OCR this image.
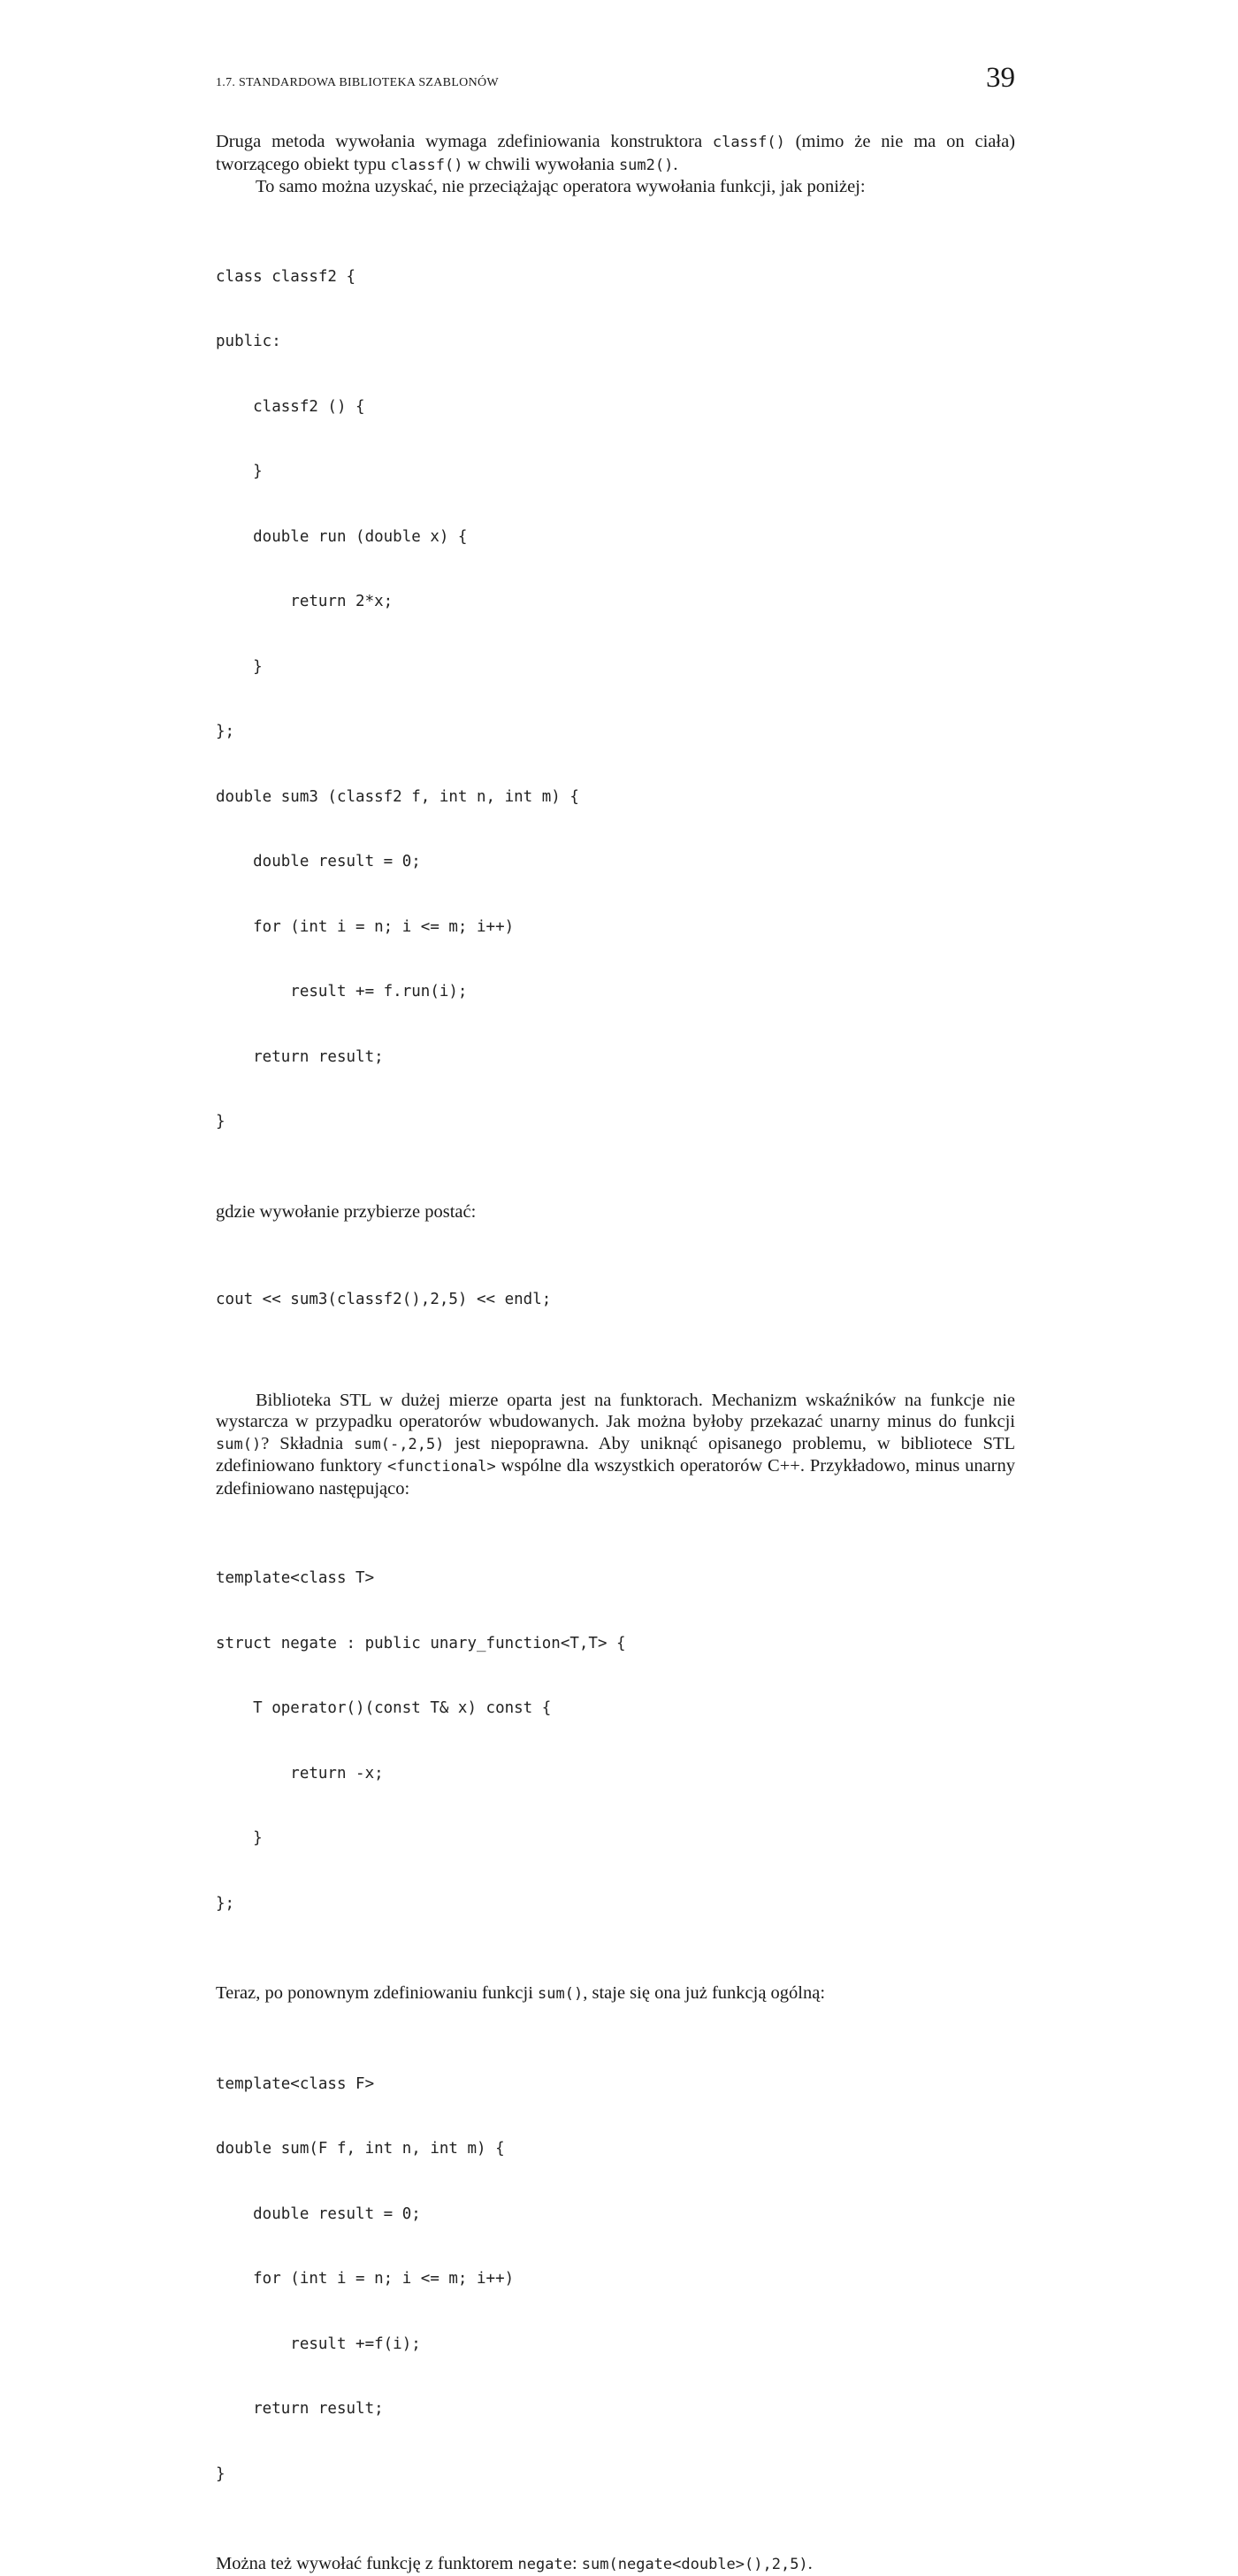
1.7. STANDARDOWA BIBLIOTEKA SZABLONÓW	39

Druga metoda wywołania wymaga zdefiniowania konstruktora classf() (mimo że nie ma on ciała) tworzącego obiekt typu classf() w chwili wywołania sum2().

To samo można uzyskać, nie przeciążając operatora wywołania funkcji, jak poniżej:

class classf2 {

public:

classf2 () {

}

double run (double x) {

return 2*x;

}

};

double sum3 (classf2 f, int n, int m) {

double result = 0;

for (int i = n; i <= m; i++)

result += f.run(i);

return result;

}

gdzie wywołanie przybierze postać:

cout << sum3(classf2(),2,5) << endl;

Biblioteka STL w dużej mierze oparta jest na funktorach. Mechanizm wskaźników na funkcje nie wystarcza w przypadku operatorów wbudowanych. Jak można byłoby przekazać unarny minus do funkcji sum()? Składnia sum(-,2,5) jest niepoprawna. Aby uniknąć opisanego problemu, w bibliotece STL zdefiniowano funktory <functional> wspólne dla wszystkich operatorów C++. Przykładowo, minus unarny zdefiniowano następująco:

template<class T>

struct negate : public unary_function<T,T> {

T operator()(const T& x) const {

return -x;

}

};

Teraz, po ponownym zdefiniowaniu funkcji sum(), staje się ona już funkcją ogólną:

template<class F>

double sum(F f, int n, int m) {

double result = 0;

for (int i = n; i <= m; i++)

result +=f(i);

return result;

}

Można też wywołać funkcję z funktorem negate: sum(negate<double>(),2,5).
